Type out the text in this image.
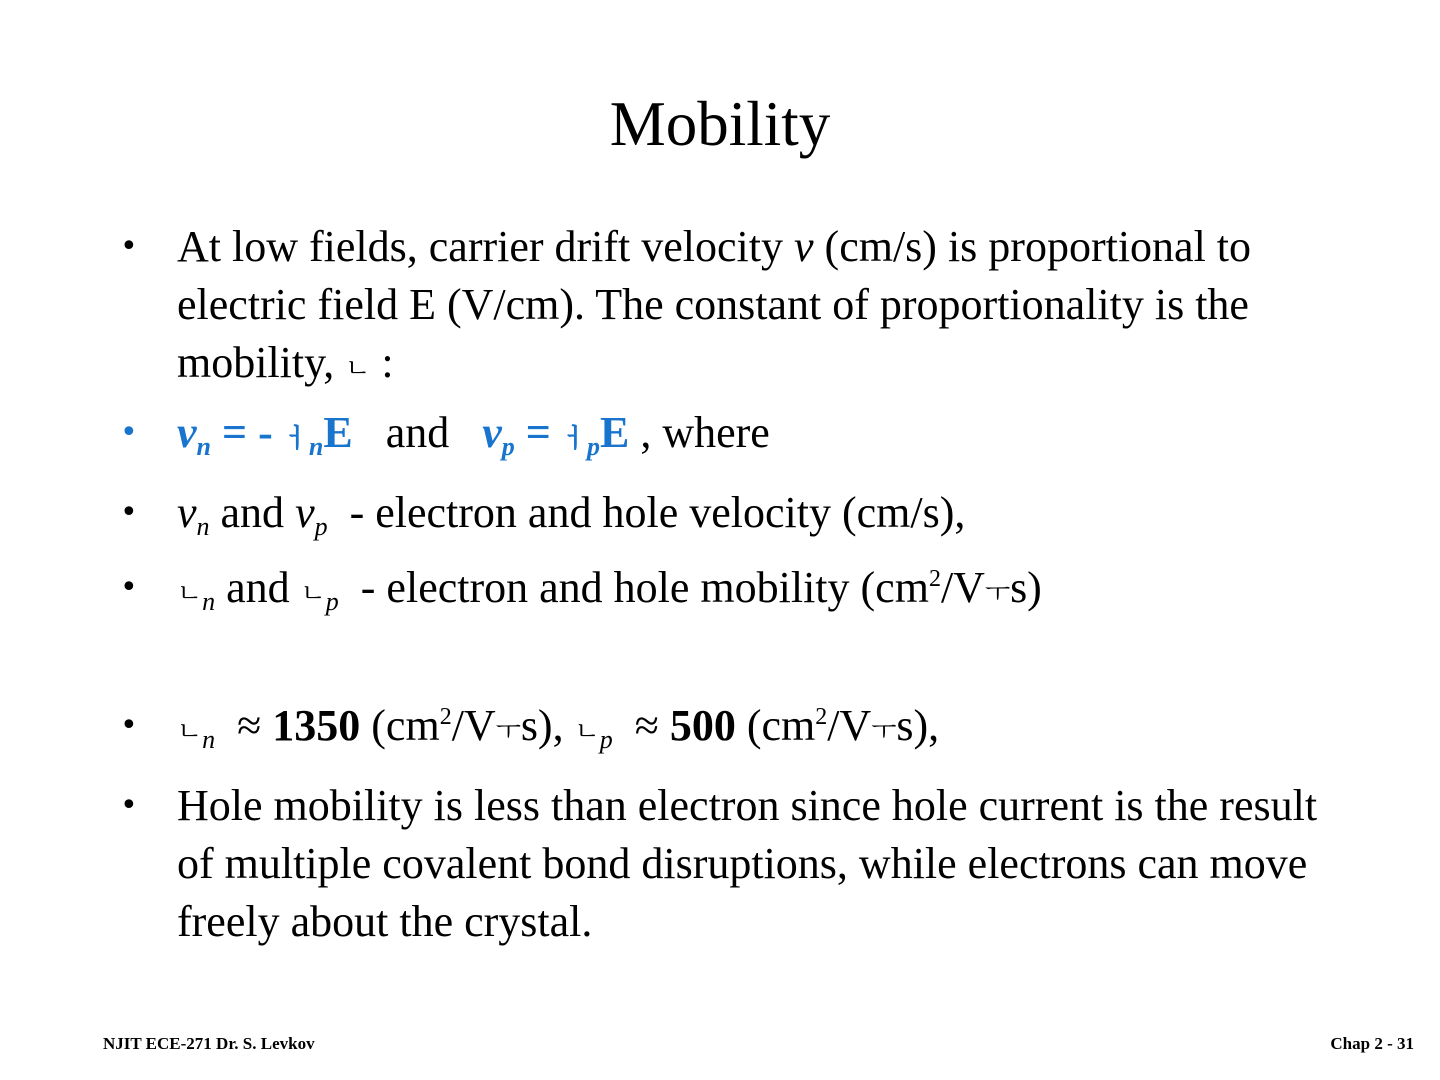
Mobility
• At low fields, carrier drift velocity v (cm/s) is proportional to electric field E (V/cm). The constant of proportionality is the mobility, ㄴ :
• $v_n$ = - ㅓ$_n$E   and   $v_p$ = ㅓ$_p$E , where
• $v_n$ and $v_p$  - electron and hole velocity (cm/s),
• ㄴ$_n$ and ㄴ$_p$  - electron and hole mobility ($cm^2/V$ㅜs)
• ㄴ$_n$  ≈ 1350 ($cm^2/V$ㅜs), ㄴ$_p$  ≈ 500 ($cm^2/V$ㅜs),
• Hole mobility is less than electron since hole current is the result of multiple covalent bond disruptions, while electrons can move freely about the crystal.
NJIT ECE-271 Dr. S. Levkov	Chap 2 - 31
